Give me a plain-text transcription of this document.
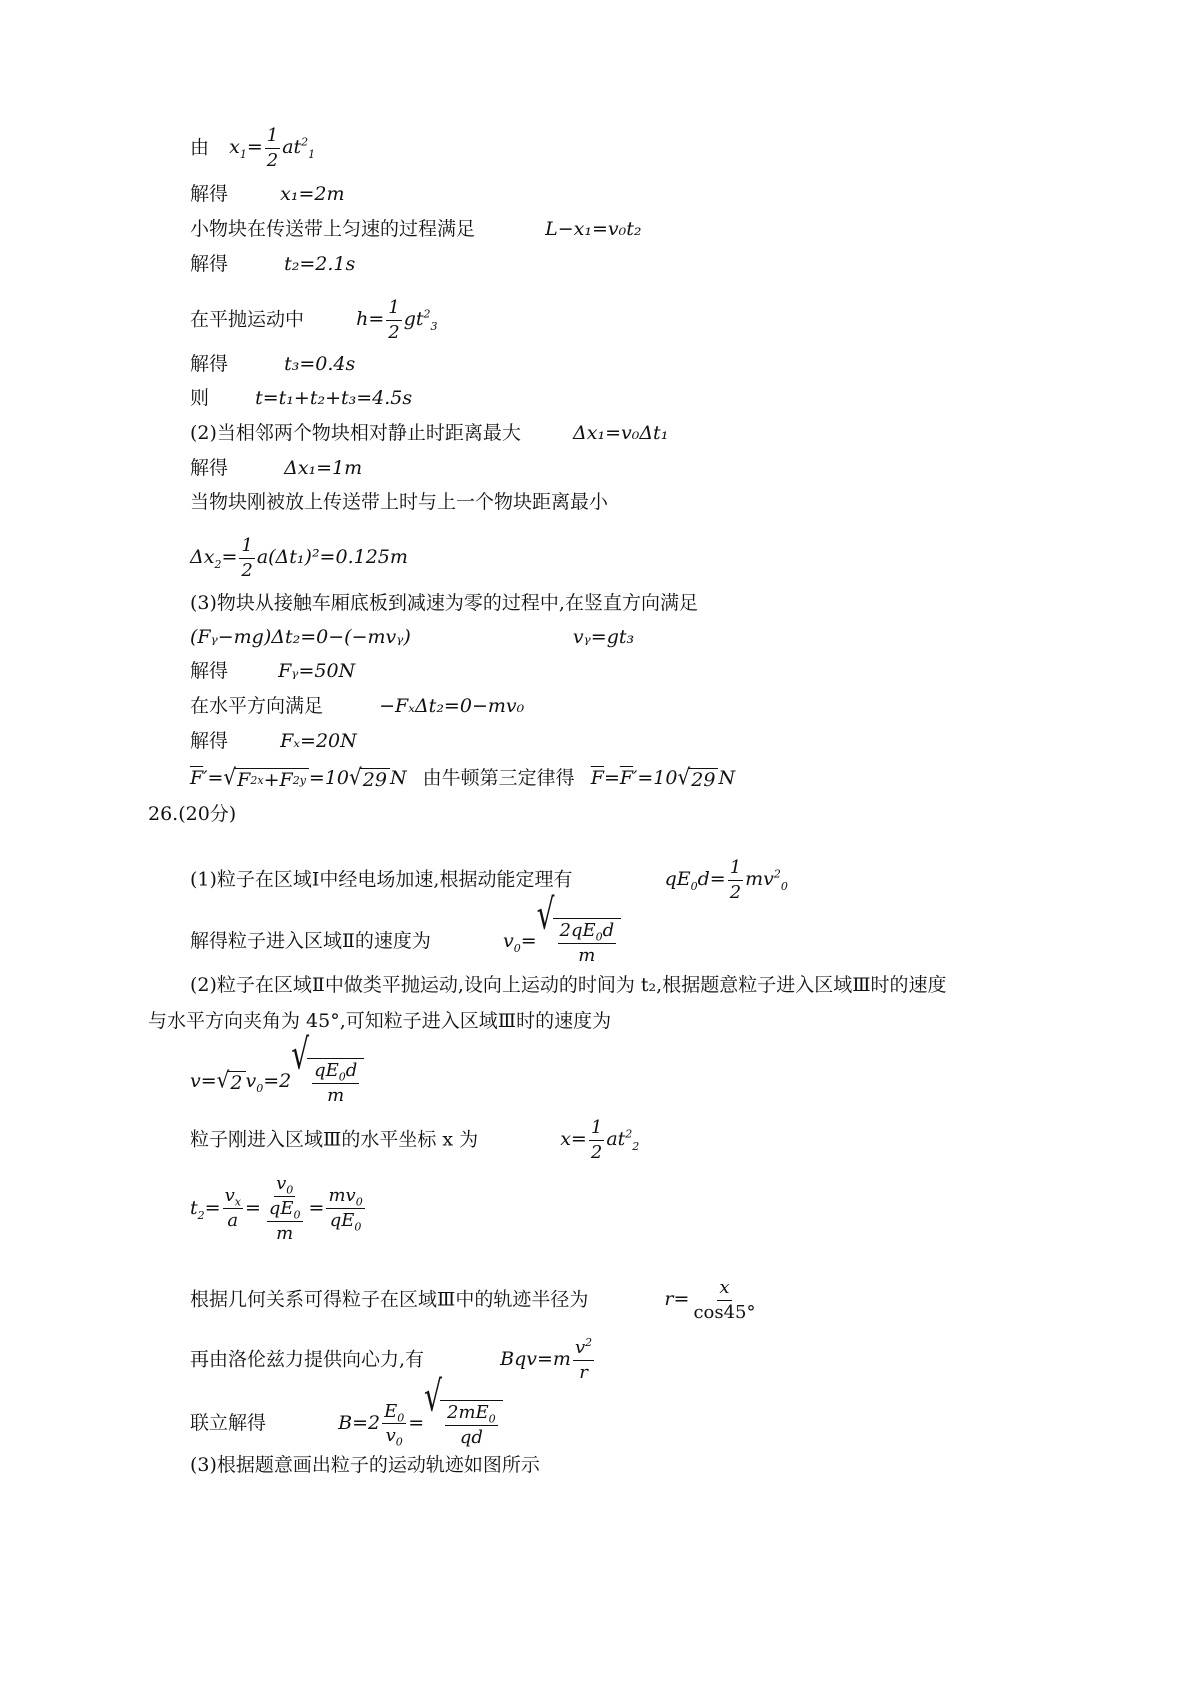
由 $x_1= \frac{1}{2} at^2_1$
解得	x₁=2m
小物块在传送带上匀速的过程满足	L−x₁=v₀t₂
解得	t₂=2.1s
在平抛运动中	$h= \frac{1}{2} gt^2_3$
解得	t₃=0.4s
则 t=t₁+t₂+t₃=4.5s
(2)当相邻两个物块相对静止时距离最大	Δx₁=v₀Δt₁
解得	Δx₁=1m
当物块刚被放上传送带上时与上一个物块距离最小
$\Delta x_2= \frac{1}{2} a(\Delta t_1)^2=0.125m$
(3)物块从接触车厢底板到减速为零的过程中,在竖直方向满足
(Fᵧ−mg)Δt₂=0−(−mvᵧ)	vᵧ=gt₃
解得	Fᵧ=50N
在水平方向满足	−FₓΔt₂=0−mv₀
解得	Fₓ=20N
$\overline{F}'=$ √ F 2 x +F 2 y =10 √ 29 N 由牛顿第三定律得 $\overline{F}=\overline{F}'=10$ √ 29 N
26.(20分)
(1)粒子在区域Ⅰ中经电场加速,根据动能定理有	$qE_0d= \frac{1}{2} mv^2_0$
解得粒子进入区域Ⅱ的速度为	$v_0=$
√
$\frac{2qE_0d}{m}$
(2)粒子在区域Ⅱ中做类平抛运动,设向上运动的时间为 t₂,根据题意粒子进入区域Ⅲ时的速度
与水平方向夹角为 45°,可知粒子进入区域Ⅲ时的速度为
v= √ 2 $v_0=2$
√
$\frac{qE_0d}{m}$
粒子刚进入区域Ⅲ的水平坐标 x 为	$x= \frac{1}{2} at^2_2$
$t_2= \frac{v_x}{a} = \frac{v_0}{\frac{qE_0}{m}} = \frac{mv_0}{qE_0}$
根据几何关系可得粒子在区域Ⅲ中的轨迹半径为	$r= \frac{x}{\cos 45^\circ}$
再由洛伦兹力提供向心力,有	$Bqv=m \frac{v^2}{r}$
联立解得	$B=2 \frac{E_0}{v_0}$ =
√
$\frac{2mE_0}{qd}$
(3)根据题意画出粒子的运动轨迹如图所示
